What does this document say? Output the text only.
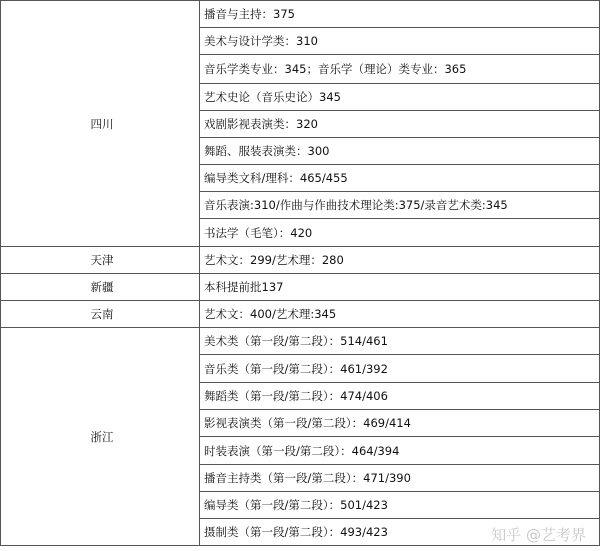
四川	播音与主持：375
	美术与设计学类：310
	音乐学类专业：345；音乐学（理论）类专业：365
	艺术史论（音乐史论）345
	戏剧影视表演类：320
	舞蹈、服装表演类：300
	编导类文科/理科：465/455
	音乐表演:310/作曲与作曲技术理论类:375/录音艺术类:345
	书法学（毛笔）：420
天津	艺术文：299/艺术理：280
新疆	本科提前批137
云南	艺术文：400/艺术理:345
浙江	美术类（第一段/第二段）：514/461
	音乐类（第一段/第二段）：461/392
	舞蹈类（第一段/第二段）：474/406
	影视表演类（第一段/第二段）：469/414
	时装表演（第一段/第二段）：464/394
	播音主持类（第一段/第二段）：471/390
	编导类（第一段/第二段）：501/423
	摄制类（第一段/第二段）：493/423	知乎 @艺考界
